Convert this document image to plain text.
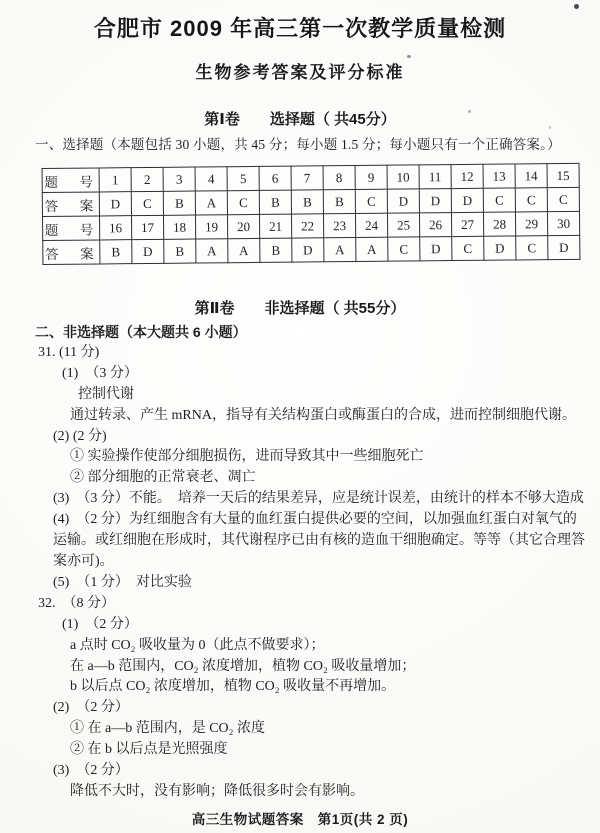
合肥市 2009 年高三第一次教学质量检测
生物参考答案及评分标准
第Ⅰ卷　　选择题（ 共45分）
一、选择题（本题包括 30 小题，共 45 分；每小题 1.5 分；每小题只有一个正确答案。）
题　号	1	2	3	4	5	6	7	8	9	10	11	12	13	14	15
答　案	D	C	B	A	C	B	B	B	C	D	D	D	C	C	C
题　号	16	17	18	19	20	21	22	23	24	25	26	27	28	29	30
答　案	B	D	B	A	A	B	D	A	A	C	D	C	D	C	D
第Ⅱ卷　　非选择题（ 共55分）
二、非选择题（本大题共 6 小题）
31. (11 分)
(1)　（3 分）
控制代谢
通过转录、产生 mRNA，指导有关结构蛋白或酶蛋白的合成，进而控制细胞代谢。
(2) (2 分)
① 实验操作使部分细胞损伤，进而导致其中一些细胞死亡
② 部分细胞的正常衰老、凋亡
(3)　（3 分）不能。　培养一天后的结果差异，应是统计误差，由统计的样本不够大造成
(4)　（2 分）为红细胞含有大量的血红蛋白提供必要的空间，以加强血红蛋白对氧气的
运输。或红细胞在形成时，其代谢程序已由有核的造血干细胞确定。等等（其它合理答
案亦可)。
(5)　（1 分）　对比实验
32.　（8 分）
(1)　（2 分）
a 点时 CO₂ 吸收量为 0（此点不做要求）；
在 a—b 范围内，CO₂ 浓度增加，植物 CO₂ 吸收量增加；
b 以后点 CO₂ 浓度增加，植物 CO₂ 吸收量不再增加。
(2)　（2 分）
① 在 a—b 范围内，是 CO₂ 浓度
② 在 b 以后点是光照强度
(3)　（2 分）
降低不大时，没有影响；降低很多时会有影响。
高三生物试题答案　第1页(共 2 页)
